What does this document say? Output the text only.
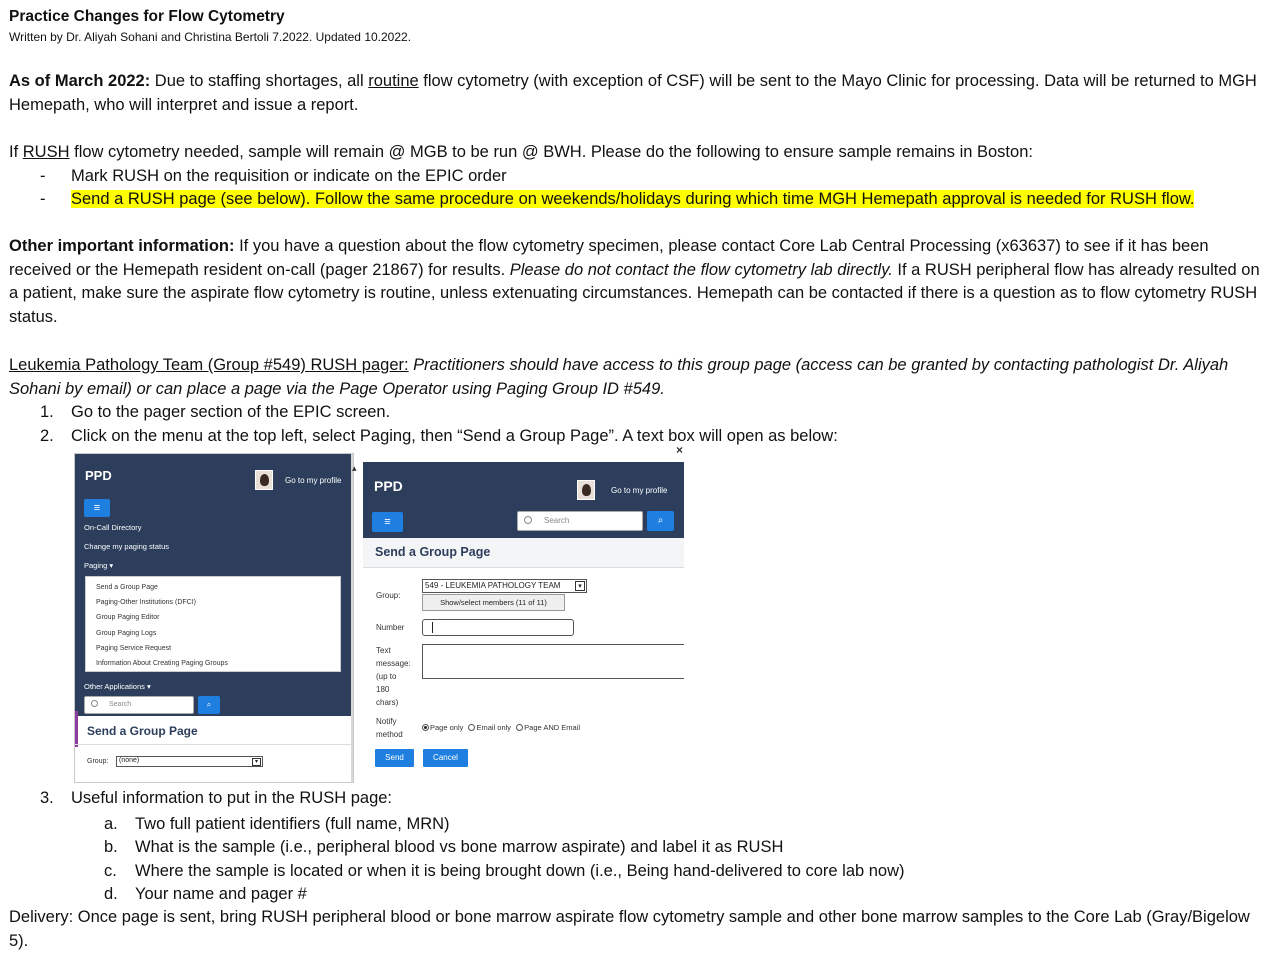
Practice Changes for Flow Cytometry
Written by Dr. Aliyah Sohani and Christina Bertoli 7.2022. Updated 10.2022.
As of March 2022: Due to staffing shortages, all routine flow cytometry (with exception of CSF) will be sent to the Mayo Clinic for processing. Data will be returned to MGH Hemepath, who will interpret and issue a report.
If RUSH flow cytometry needed, sample will remain @ MGB to be run @ BWH. Please do the following to ensure sample remains in Boston:
- Mark RUSH on the requisition or indicate on the EPIC order
- Send a RUSH page (see below). Follow the same procedure on weekends/holidays during which time MGH Hemepath approval is needed for RUSH flow.
Other important information: If you have a question about the flow cytometry specimen, please contact Core Lab Central Processing (x63637) to see if it has been received or the Hemepath resident on-call (pager 21867) for results. Please do not contact the flow cytometry lab directly. If a RUSH peripheral flow has already resulted on a patient, make sure the aspirate flow cytometry is routine, unless extenuating circumstances. Hemepath can be contacted if there is a question as to flow cytometry RUSH status.
Leukemia Pathology Team (Group #549) RUSH pager: Practitioners should have access to this group page (access can be granted by contacting pathologist Dr. Aliyah Sohani by email) or can place a page via the Page Operator using Paging Group ID #549.
1. Go to the pager section of the EPIC screen.
2. Click on the menu at the top left, select Paging, then “Send a Group Page”. A text box will open as below:
PPD	Go to my profile
≡
On-Call Directory
Change my paging status
Paging ▾
Send a Group Page
Paging-Other Institutions (DFCI)
Group Paging Editor
Group Paging Logs
Paging Service Request
Information About Creating Paging Groups
Other Applications ▾
Search	⌕
Send a Group Page
Group:	(none)	▾
▴
PPD	Go to my profile
≡	Search	⌕
Send a Group Page
Group:
549 - LEUKEMIA PATHOLOGY TEAM	▾
Show/select members (11 of 11)
Number
Text
message:
(up to
180
chars)
Notify
method
Page only Email only Page AND Email
Send	Cancel
×
3. Useful information to put in the RUSH page:
a. Two full patient identifiers (full name, MRN)
b. What is the sample (i.e., peripheral blood vs bone marrow aspirate) and label it as RUSH
c. Where the sample is located or when it is being brought down (i.e., Being hand-delivered to core lab now)
d. Your name and pager #
Delivery: Once page is sent, bring RUSH peripheral blood or bone marrow aspirate flow cytometry sample and other bone marrow samples to the Core Lab (Gray/Bigelow 5).
